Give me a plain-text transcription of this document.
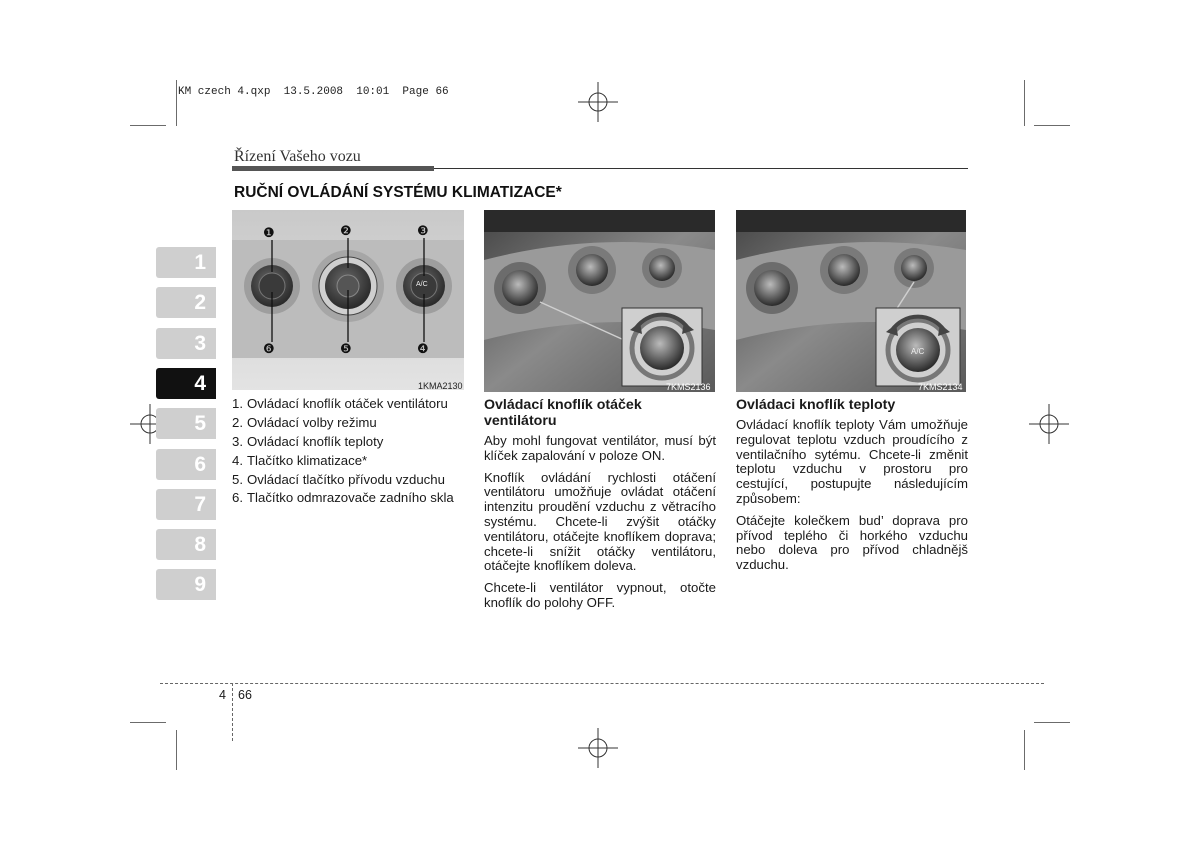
KM czech 4.qxp  13.5.2008  10:01  Page 66
Řízení Vašeho vozu
RUČNÍ OVLÁDÁNÍ SYSTÉMU KLIMATIZACE*
1
2
3
4
5
6
7
8
9
❶	❷	❸
❻	❺	❹
A/C
1KMA2130	7KMS2136
A/C
7KMS2134
1. Ovládací knoflík otáček ventilátoru
2. Ovládací volby režimu
3. Ovládací knoflík teploty
4. Tlačítko klimatizace*
5. Ovládací tlačítko přívodu vzduchu
6. Tlačítko odmrazovače zadního skla
Ovládací knoflík otáček ventilátoru

Aby mohl fungovat ventilátor, musí být klíček zapalování v poloze ON.

Knoflík ovládání rychlosti otáčení ventilátoru umožňuje ovládat otáčení intenzitu proudění vzduchu z větracího systému. Chcete-li zvýšit otáčky ventilátoru, otáčejte knoflíkem doprava; chcete-li snížit otáčky ventilátoru, otáčejte knoflíkem doleva.

Chcete-li ventilátor vypnout, otočte knoflík do polohy OFF.

Ovládaci knoflík teploty

Ovládací knoflík teploty Vám umožňuje regulovat teplotu vzduch proudícího z ventilačního sytému. Chcete-li změnit teplotu vzduchu v prostoru pro cestující, postupujte následujícím způsobem:

Otáčejte kolečkem bud’ doprava pro přívod teplého či horkého vzduchu nebo doleva pro přívod chladnějš vzduchu.

4 66
